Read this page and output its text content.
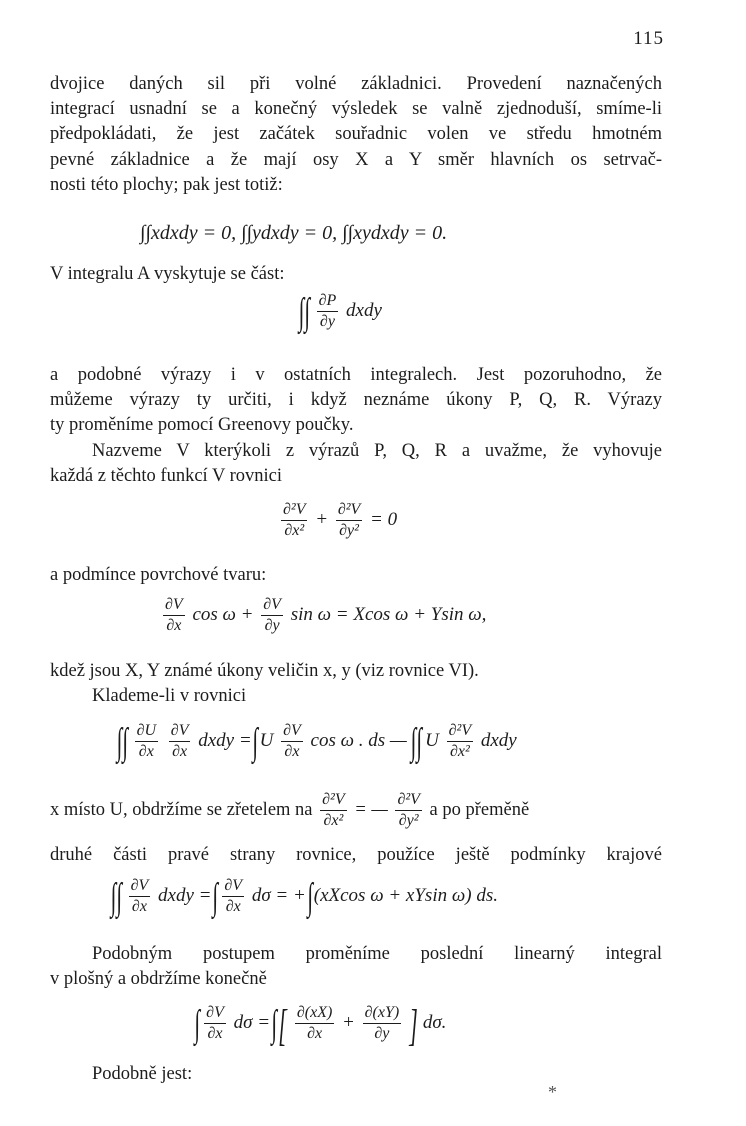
115
dvojice daných sil při volné základnici. Provedení naznačených
integrací usnadní se a konečný výsledek se valně zjednoduší, smíme-li
předpokládati, že jest začátek souřadnic volen ve středu hmotném
pevné základnice a že mají osy X a Y směr hlavních os setrvač-
nosti této plochy; pak jest totiž:
∫∫xdxdy = 0, ∫∫ydxdy = 0, ∫∫xydxdy = 0.
V integralu A vyskytuje se část:
∫∫ $\frac{\partial P}{\partial y}$ dxdy
a podobné výrazy i v ostatních integralech. Jest pozoruhodno, že
můžeme výrazy ty určiti, i když neznáme úkony P, Q, R. Výrazy
ty proměníme pomocí Greenovy poučky.
Nazveme V kterýkoli z výrazů P, Q, R a uvažme, že vyhovuje
každá z těchto funkcí V rovnici
$\frac{\text{∂²V}}{\text{∂x²}} + \frac{\text{∂²V}}{\text{∂y²}} = 0$
a podmínce povrchové tvaru:
$\frac{\partial V}{\partial x}$ $\cos \omega + \frac{\partial V}{\partial y}$ sin ω = Xcos ω + Ysin ω,
kdež jsou X, Y známé úkony veličin x, y (viz rovnice VI).
Klademe-li v rovnici
∫∫ $\frac{\partial U}{\partial x}$
$\frac{\partial V}{\partial x}$ dxdy = ∫ U $\frac{\partial V}{\partial x}$ cos ω . ds — ∫∫ U $\frac{\text{∂²V}}{\text{∂x²}}$ dxdy
x místo U, obdržíme se zřetelem na $\frac{\text{∂²V}}{\text{∂x²}}$ = — $\frac{\text{∂²V}}{\text{∂y²}}$ a po přeměně
druhé části pravé strany rovnice, použíce ještě podmínky krajové
∫∫ $\frac{\partial V}{\partial x}$ dxdy = ∫ $\frac{\partial V}{\partial x}$ dσ = + ∫ (xXcos ω + xYsin ω) ds.
Podobným postupem proměníme poslední linearný integral
v plošný a obdržíme konečně
∫ $\frac{\partial V}{\partial x}$ dσ = ∫ [ $\frac{\partial(xX)}{\partial x} + \frac{\partial(xY)}{\partial y}$ ] dσ.
Podobně jest:
*
